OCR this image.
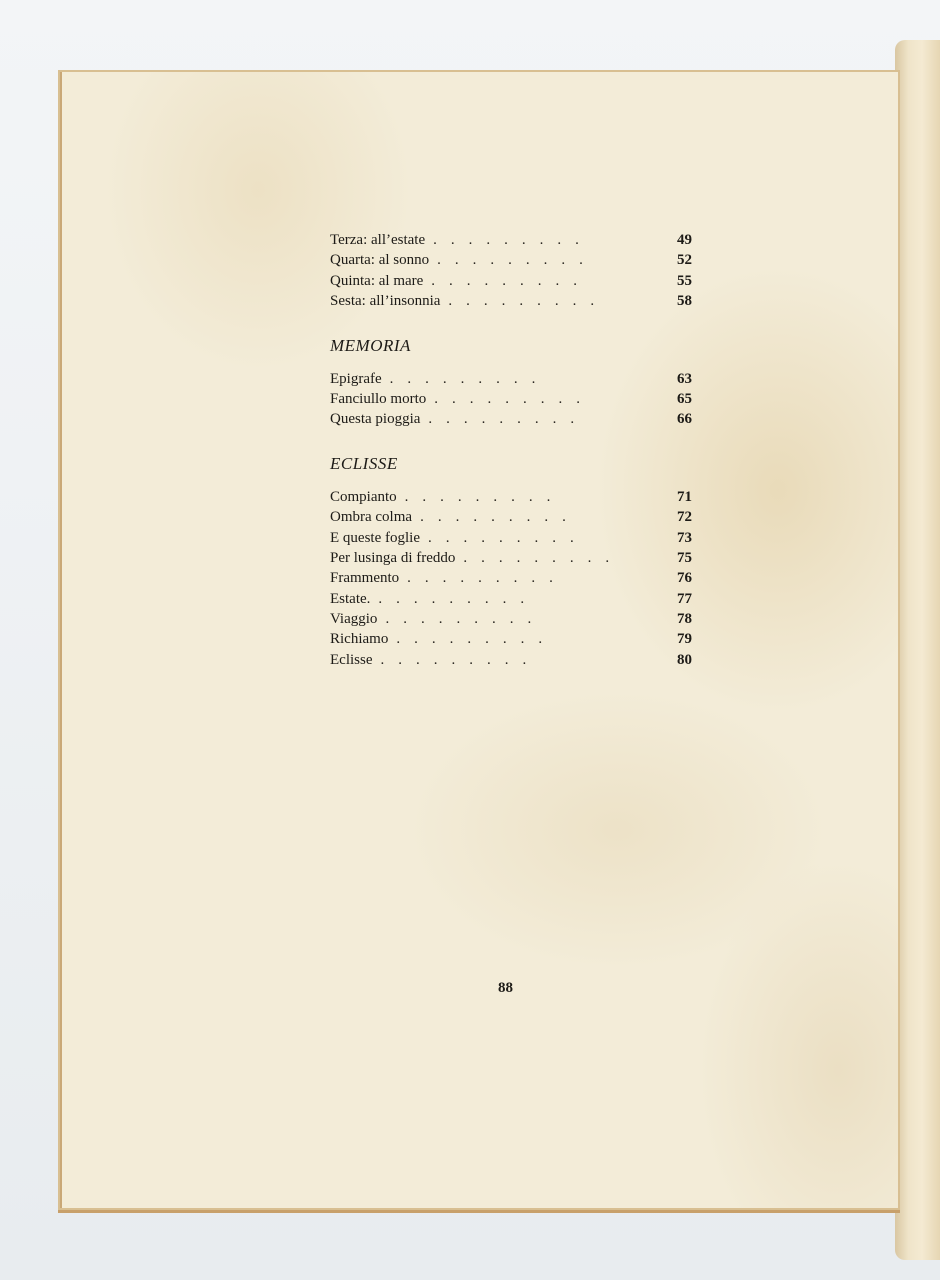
Terza: all’estate .........	49
Quarta: al sonno .........	52
Quinta: al mare .........	55
Sesta: all’insonnia .........	58
MEMORIA
Epigrafe .........	63
Fanciullo morto .........	65
Questa pioggia .........	66
ECLISSE
Compianto .........	71
Ombra colma .........	72
E queste foglie .........	73
Per lusinga di freddo .........	75
Frammento .........	76
Estate. .........	77
Viaggio .........	78
Richiamo .........	79
Eclisse .........	80
88
